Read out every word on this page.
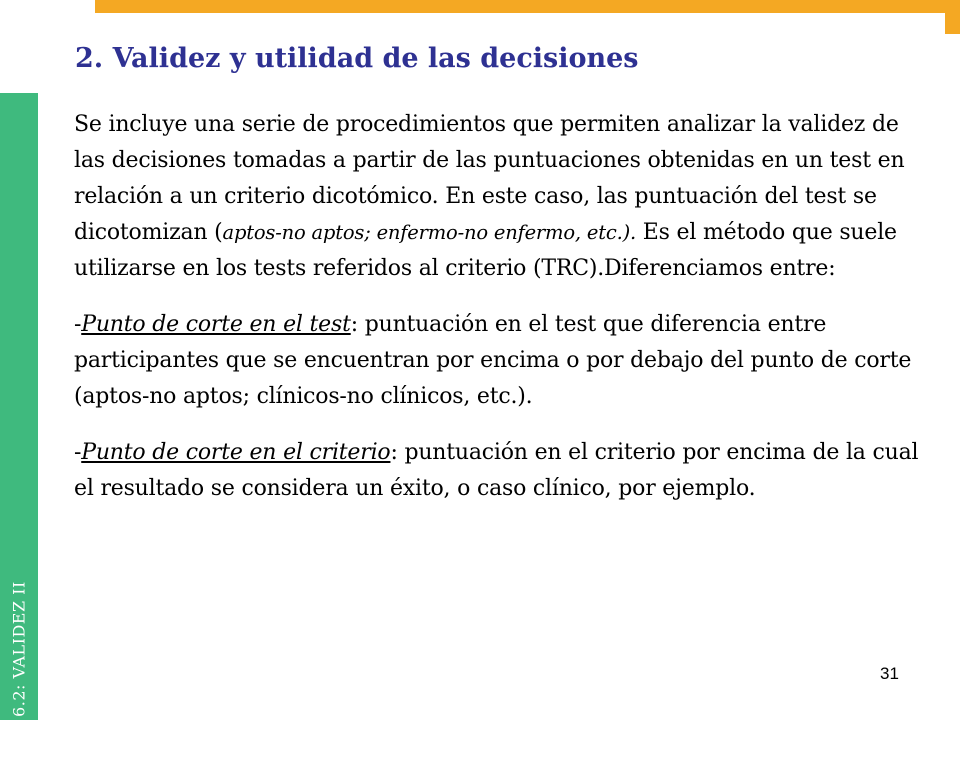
TEMA 6.2: VALIDEZ II
2. Validez y utilidad de las decisiones

Se incluye una serie de procedimientos que permiten analizar la validez de las decisiones tomadas a partir de las puntuaciones obtenidas en un test en relación a un criterio dicotómico. En este caso, las puntuación del test se dicotomizan (aptos-no aptos; enfermo-no enfermo, etc.). Es el método que suele utilizarse en los tests referidos al criterio (TRC).Diferenciamos entre:

-Punto de corte en el test: puntuación en el test que diferencia entre participantes que se encuentran por encima o por debajo del punto de corte (aptos-no aptos; clínicos-no clínicos, etc.).

-Punto de corte en el criterio: puntuación en el criterio por encima de la cual el resultado se considera un éxito, o caso clínico, por ejemplo.

31
